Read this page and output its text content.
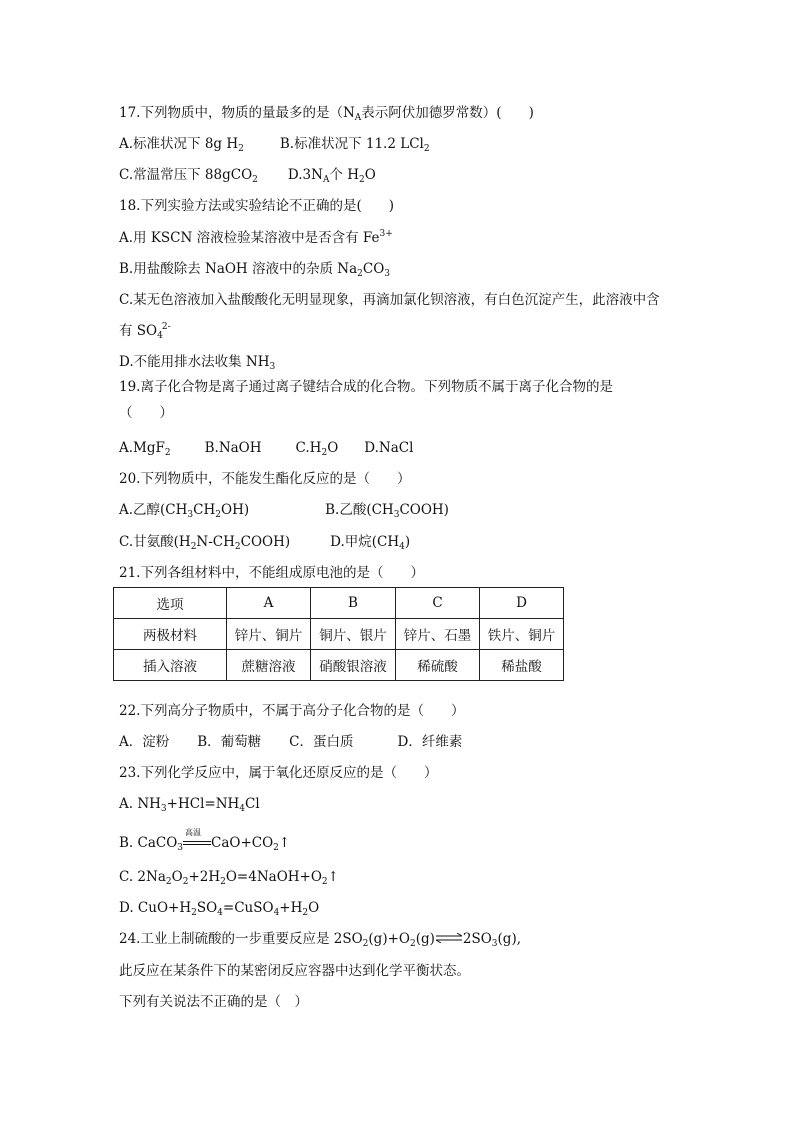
17.下列物质中，物质的量最多的是（$N_A$表示阿伏加德罗常数）(　　)
A.标准状况下 8g $H_2$	B.标准状况下 11.2 LCl$_2$
C.常温常压下 88gCO$_2$ $D.3N_A$个 $H_2O$
18.下列实验方法或实验结论不正确的是(　　)
A.用 KSCN 溶液检验某溶液中是否含有 $Fe^{3+}$
B.用盐酸除去 NaOH 溶液中的杂质 $Na_2CO_3$
C.某无色溶液加入盐酸酸化无明显现象，再滴加氯化钡溶液，有白色沉淀产生，此溶液中含
有 $SO_4^{2-}$
D.不能用排水法收集 $NH_3$
19.离子化合物是离子通过离子键结合成的化合物。下列物质不属于离子化合物的是
（　　）
A.MgF$_2$	B.NaOH	$C.H_2O$ D.NaCl
20.下列物质中，不能发生酯化反应的是（　　）
A.乙醇$(CH_3CH_2OH)$	B.乙酸$(CH_3COOH)$
C.甘氨酸$(H_2N-CH_2COOH)$	D.甲烷$(CH_4)$
21.下列各组材料中，不能组成原电池的是（　　）
选项	A	B	C	D
两极材料	锌片、铜片	铜片、银片	锌片、石墨	铁片、铜片
插入溶液	蔗糖溶液	硝酸银溶液	稀硫酸	稀盐酸
22.下列高分子物质中，不属于高分子化合物的是（　　）
A．淀粉 B．葡萄糖 C．蛋白质	D．纤维素
23.下列化学反应中，属于氧化还原反应的是（　　）
A. $NH_3+HCl=NH_4Cl$
B. CaCO$_3$
高温
$CaO+CO_2↑$
C. $2Na_2O_2+2H_2O=4NaOH+O_2↑$
D. $CuO+H_2SO_4=CuSO_4+H_2O$
24.工业上制硫酸的一步重要反应是 $2SO_2(g)+O_2(g)\rightleftharpoons 2SO_3(g)$,
此反应在某条件下的某密闭反应容器中达到化学平衡状态。
下列有关说法不正确的是（　）
